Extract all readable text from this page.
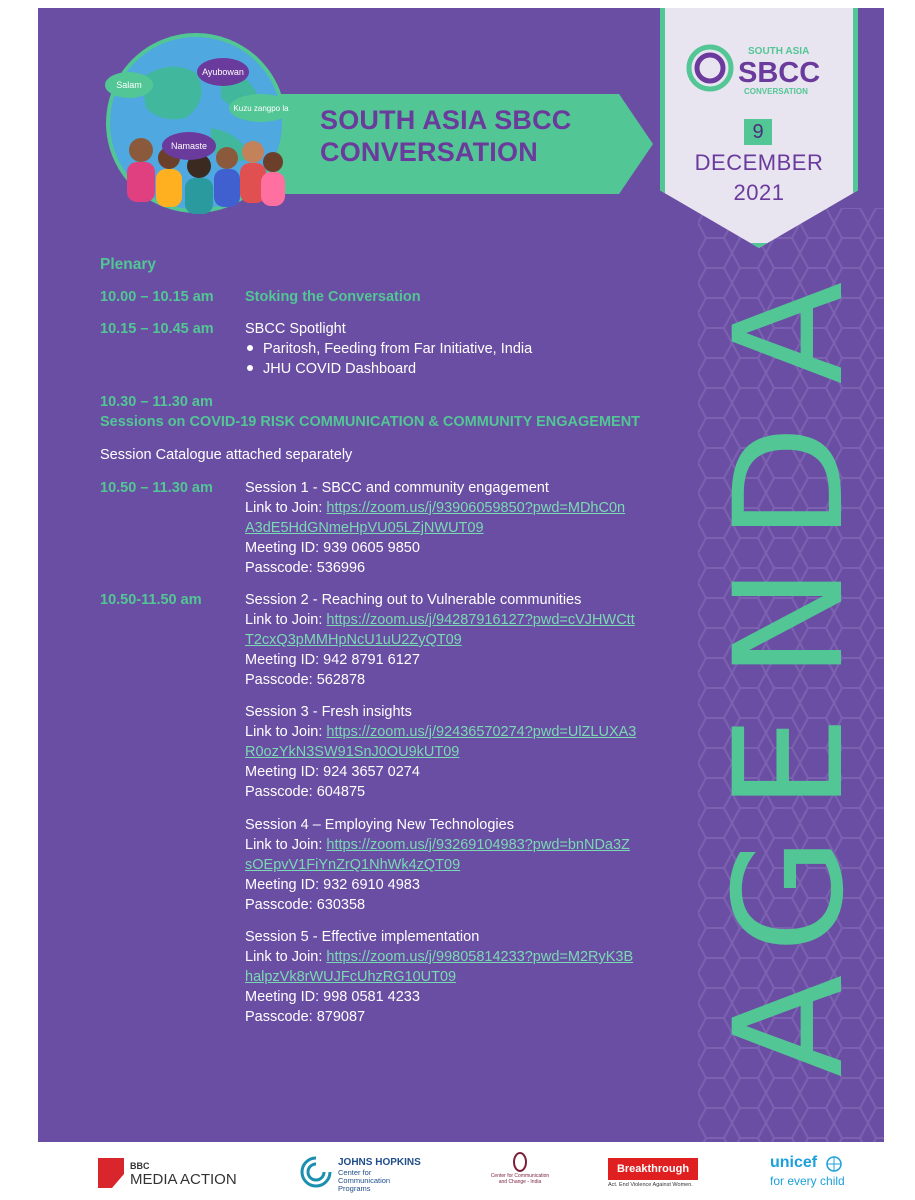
SOUTH ASIA SBCC
CONVERSATION
Salam
Ayubowan
Kuzu zangpo la
Namaste
SOUTH ASIA
SBCC
CONVERSATION
9
DECEMBER
2021
A
G
E
N
D
A
Plenary
10.00 – 10.15 am Stoking the Conversation
10.15 – 10.45 am SBCC Spotlight
Paritosh, Feeding from Far Initiative, India
JHU COVID Dashboard
10.30 – 11.30 am
Sessions on COVID-19 RISK COMMUNICATION & COMMUNITY ENGAGEMENT
Session Catalogue attached separately
10.50 – 11.30 am Session 1 - SBCC and community engagement
Link to Join: https://zoom.us/j/93906059850?pwd=MDhC0n
A3dE5HdGNmeHpVU05LZjNWUT09
Meeting ID: 939 0605 9850
Passcode: 536996
10.50-11.50 am	Session 2 - Reaching out to Vulnerable communities
Link to Join: https://zoom.us/j/94287916127?pwd=cVJHWCtt
T2cxQ3pMMHpNcU1uU2ZyQT09
Meeting ID: 942 8791 6127
Passcode: 562878
Session 3 - Fresh insights
Link to Join: https://zoom.us/j/92436570274?pwd=UlZLUXA3
R0ozYkN3SW91SnJ0OU9kUT09
Meeting ID: 924 3657 0274
Passcode: 604875
Session 4 – Employing New Technologies
Link to Join: https://zoom.us/j/93269104983?pwd=bnNDa3Z
sOEpvV1FiYnZrQ1NhWk4zQT09
Meeting ID: 932 6910 4983
Passcode: 630358
Session 5 - Effective implementation
Link to Join: https://zoom.us/j/99805814233?pwd=M2RyK3B
halpzVk8rWUJFcUhzRG10UT09
Meeting ID: 998 0581 4233
Passcode: 879087
BBC
MEDIA ACTION
JOHNS HOPKINS
Center for Communication Programs
Center for Communication and Change - India
Breakthrough
Act. End Violence Against Women.
unicef
for every child
